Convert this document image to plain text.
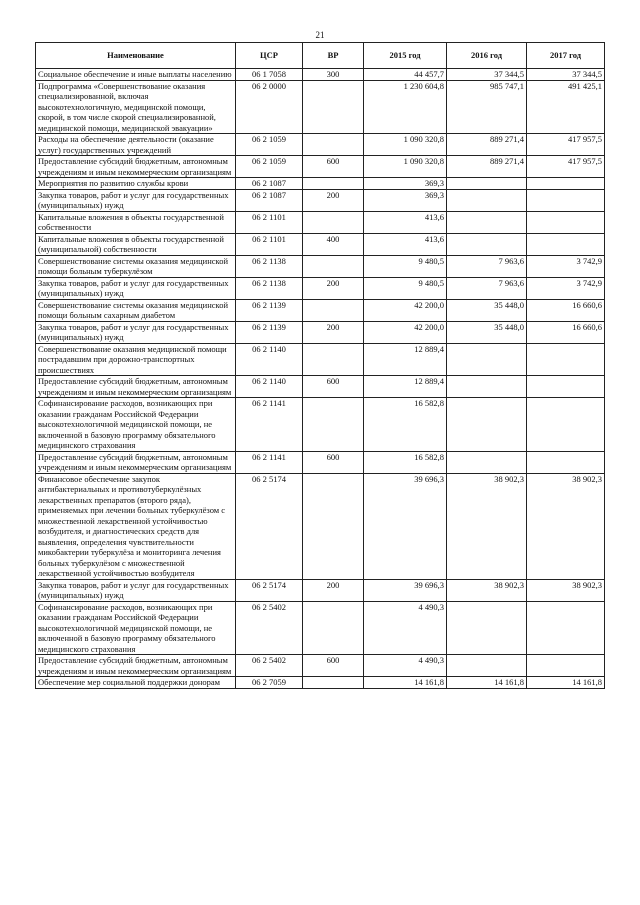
21
Наименование	ЦСР	ВР	2015 год	2016 год	2017 год
Социальное обеспечение и иные выплаты населению	06 1 7058	300	44 457,7	37 344,5	37 344,5
Подпрограмма «Совершенствование оказания специализированной, включая высокотехнологичную, медицинской помощи, скорой, в том числе скорой специализированной, медицинской помощи, медицинской эвакуации»	06 2 0000		1 230 604,8	985 747,1	491 425,1
Расходы на обеспечение деятельности (оказание услуг) государственных учреждений	06 2 1059		1 090 320,8	889 271,4	417 957,5
Предоставление субсидий бюджетным, автономным учреждениям и иным некоммерческим организациям	06 2 1059	600	1 090 320,8	889 271,4	417 957,5
Мероприятия по развитию службы крови	06 2 1087		369,3		
Закупка товаров, работ и услуг для государственных (муниципальных) нужд	06 2 1087	200	369,3		
Капитальные вложения в объекты государственной собственности	06 2 1101		413,6		
Капитальные вложения в объекты государственной (муниципальной) собственности	06 2 1101	400	413,6		
Совершенствование системы оказания медицинской помощи больным туберкулёзом	06 2 1138		9 480,5	7 963,6	3 742,9
Закупка товаров, работ и услуг для государственных (муниципальных) нужд	06 2 1138	200	9 480,5	7 963,6	3 742,9
Совершенствование системы оказания медицинской помощи больным сахарным диабетом	06 2 1139		42 200,0	35 448,0	16 660,6
Закупка товаров, работ и услуг для государственных (муниципальных) нужд	06 2 1139	200	42 200,0	35 448,0	16 660,6
Совершенствование оказания медицинской помощи пострадавшим при дорожно-транспортных происшествиях	06 2 1140		12 889,4		
Предоставление субсидий бюджетным, автономным учреждениям и иным некоммерческим организациям	06 2 1140	600	12 889,4		
Софинансирование расходов, возникающих при оказании гражданам Российской Федерации высокотехнологичной медицинской помощи, не включенной в базовую программу обязательного медицинского страхования	06 2 1141		16 582,8		
Предоставление субсидий бюджетным, автономным учреждениям и иным некоммерческим организациям	06 2 1141	600	16 582,8		
Финансовое обеспечение закупок антибактериальных и противотуберкулёзных лекарственных препаратов (второго ряда), применяемых при лечении больных туберкулёзом с множественной лекарственной устойчивостью возбудителя, и диагностических средств для выявления, определения чувствительности микобактерии туберкулёза и мониторинга лечения больных туберкулёзом с множественной лекарственной устойчивостью возбудителя	06 2 5174		39 696,3	38 902,3	38 902,3
Закупка товаров, работ и услуг для государственных (муниципальных) нужд	06 2 5174	200	39 696,3	38 902,3	38 902,3
Софинансирование расходов, возникающих при оказании гражданам Российской Федерации высокотехнологичной медицинской помощи, не включенной в базовую программу обязательного медицинского страхования	06 2 5402		4 490,3		
Предоставление субсидий бюджетным, автономным учреждениям и иным некоммерческим организациям	06 2 5402	600	4 490,3		
Обеспечение мер социальной поддержки донорам	06 2 7059		14 161,8	14 161,8	14 161,8
